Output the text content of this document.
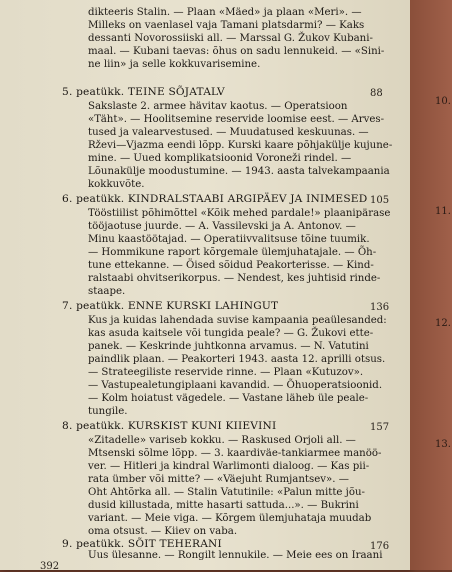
10.
11.
12.
13.
dikteeris Stalin. — Plaan «Mäed» ja plaan «Meri». —
Milleks on vaenlasel vaja Tamani platsdarmi? — Kaks
dessanti Novorossiiski all. — Marssal G. Žukov Kubani-
maal. — Kubani taevas: õhus on sadu lennukeid. — «Sini-
ne liin» ja selle kokkuvarisemine.
5. peatükk. TEINE SÕJATALV	88
Sakslaste 2. armee hävitav kaotus. — Operatsioon
«Täht». — Hoolitsemine reservide loomise eest. — Arves-
tused ja valearvestused. — Muudatused keskuunas. —
Rževi—Vjazma eendi lõpp. Kurski kaare põhjakülje kujune-
mine. — Uued komplikatsioonid Voroneži rindel. —
Lõunakülje moodustumine. — 1943. aasta talvekampaania
kokkuvõte.
6. peatükk. KINDRALSTAABI ARGIPÄEV JA INIMESED 105
Tööstiilist põhimõttel «Kõik mehed pardale!» plaanipärase
tööjaotuse juurde. — A. Vassilevski ja A. Antonov. —
Minu kaastöötajad. — Operatiivvalitsuse tõine tuumik.
— Hommikune raport kõrgemale ülemjuhatajale. — Õh-
tune ettekanne. — Öised sõidud Peakorterisse. — Kind-
ralstaabi ohvitserikorpus. — Nendest, kes juhtisid rinde-
staape.
7. peatükk. ENNE KURSKI LAHINGUT	136
Kus ja kuidas lahendada suvise kampaania peaülesanded:
kas asuda kaitsele või tungida peale? — G. Žukovi ette-
panek. — Keskrinde juhtkonna arvamus. — N. Vatutini
paindlik plaan. — Peakorteri 1943. aasta 12. aprilli otsus.
— Strateegiliste reservide rinne. — Plaan «Kutuzov».
— Vastupealetungiplaani kavandid. — Õhuoperatsioonid.
— Kolm hoiatust vägedele. — Vastane läheb üle peale-
tungile.
8. peatükk. KURSKIST KUNI KIIEVINI	157
«Zitadelle» variseb kokku. — Raskused Orjoli all. —
Mtsenski sõlme lõpp. — 3. kaardiväe-tankiarmee manöö-
ver. — Hitleri ja kindral Warlimonti dialoog. — Kas pii-
rata ümber või mitte? — «Väejuht Rumjantsev». —
Oht Ahtõrka all. — Stalin Vatutinile: «Palun mitte jõu-
dusid killustada, mitte hasarti sattuda...». — Bukrini
variant. — Meie viga. — Kõrgem ülemjuhataja muudab
oma otsust. — Kiiev on vaba.
9. peatükk. SÕIT TEHERANI	176
Uus ülesanne. — Rongilt lennukile. — Meie ees on Iraani
392
